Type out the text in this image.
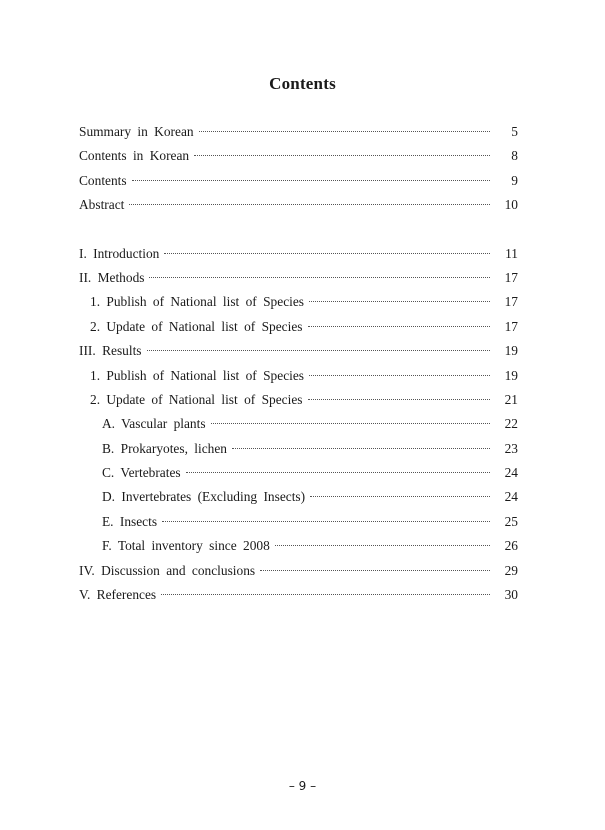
Contents
Summary in Korean	5
Contents in Korean	8
Contents	9
Abstract	10
I. Introduction	11
II. Methods	17
1. Publish of National list of Species	17
2. Update of National list of Species	17
III. Results	19
1. Publish of National list of Species	19
2. Update of National list of Species	21
A. Vascular plants	22
B. Prokaryotes, lichen	23
C. Vertebrates	24
D. Invertebrates (Excluding Insects)	24
E. Insects	25
F. Total inventory since 2008	26
IV. Discussion and conclusions	29
V. References	30
– 9 –
